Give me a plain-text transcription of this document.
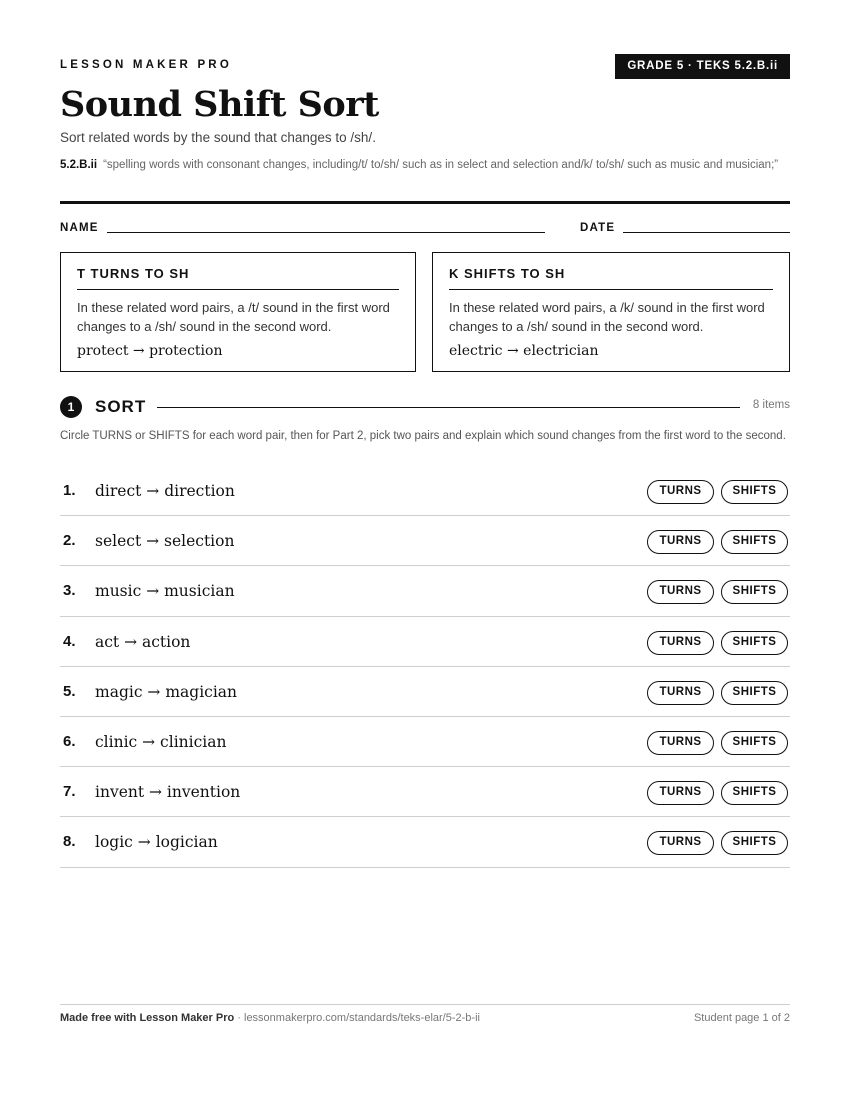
LESSON MAKER PRO	GRADE 5 · TEKS 5.2.B.ii
Sound Shift Sort
Sort related words by the sound that changes to /sh/.
5.2.B.ii “spelling words with consonant changes, including/t/ to/sh/ such as in select and selection and/k/ to/sh/ such as music and musician;”
NAME	DATE
T TURNS TO SH
In these related word pairs, a /t/ sound in the first word changes to a /sh/ sound in the second word.
protect → protection
K SHIFTS TO SH
In these related word pairs, a /k/ sound in the first word changes to a /sh/ sound in the second word.
electric → electrician
1	SORT	8 items
Circle TURNS or SHIFTS for each word pair, then for Part 2, pick two pairs and explain which sound changes from the first word to the second.
1. direct → direction	TURNS	SHIFTS
2. select → selection	TURNS	SHIFTS
3. music → musician	TURNS	SHIFTS
4. act → action	TURNS	SHIFTS
5. magic → magician	TURNS	SHIFTS
6. clinic → clinician	TURNS	SHIFTS
7. invent → invention	TURNS	SHIFTS
8. logic → logician	TURNS	SHIFTS
Made free with Lesson Maker Pro · lessonmakerpro.com/standards/teks-elar/5-2-b-ii	Student page 1 of 2
